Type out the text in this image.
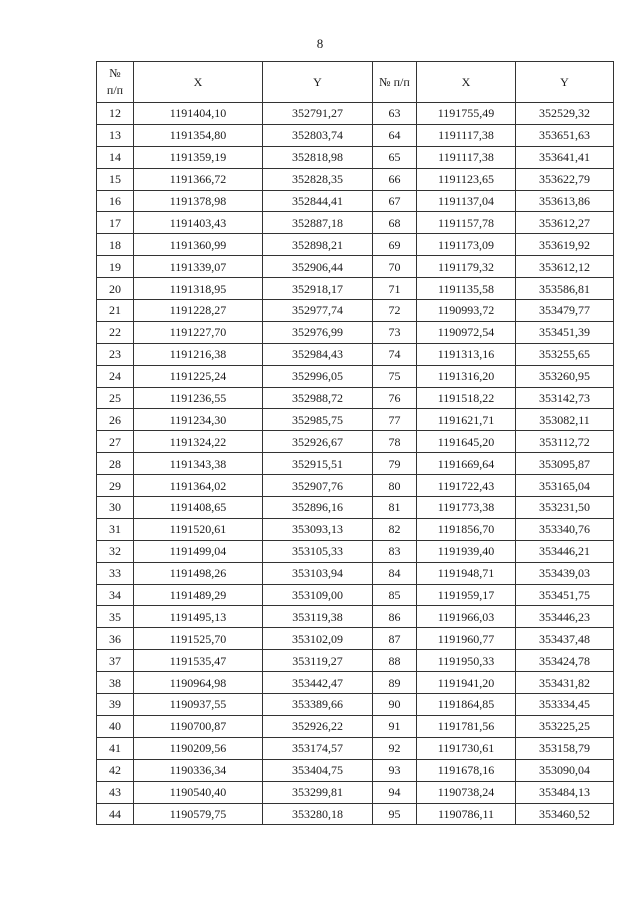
8
№
п/п	X	Y	№ п/п	X	Y
12	1191404,10	352791,27	63	1191755,49	352529,32
13	1191354,80	352803,74	64	1191117,38	353651,63
14	1191359,19	352818,98	65	1191117,38	353641,41
15	1191366,72	352828,35	66	1191123,65	353622,79
16	1191378,98	352844,41	67	1191137,04	353613,86
17	1191403,43	352887,18	68	1191157,78	353612,27
18	1191360,99	352898,21	69	1191173,09	353619,92
19	1191339,07	352906,44	70	1191179,32	353612,12
20	1191318,95	352918,17	71	1191135,58	353586,81
21	1191228,27	352977,74	72	1190993,72	353479,77
22	1191227,70	352976,99	73	1190972,54	353451,39
23	1191216,38	352984,43	74	1191313,16	353255,65
24	1191225,24	352996,05	75	1191316,20	353260,95
25	1191236,55	352988,72	76	1191518,22	353142,73
26	1191234,30	352985,75	77	1191621,71	353082,11
27	1191324,22	352926,67	78	1191645,20	353112,72
28	1191343,38	352915,51	79	1191669,64	353095,87
29	1191364,02	352907,76	80	1191722,43	353165,04
30	1191408,65	352896,16	81	1191773,38	353231,50
31	1191520,61	353093,13	82	1191856,70	353340,76
32	1191499,04	353105,33	83	1191939,40	353446,21
33	1191498,26	353103,94	84	1191948,71	353439,03
34	1191489,29	353109,00	85	1191959,17	353451,75
35	1191495,13	353119,38	86	1191966,03	353446,23
36	1191525,70	353102,09	87	1191960,77	353437,48
37	1191535,47	353119,27	88	1191950,33	353424,78
38	1190964,98	353442,47	89	1191941,20	353431,82
39	1190937,55	353389,66	90	1191864,85	353334,45
40	1190700,87	352926,22	91	1191781,56	353225,25
41	1190209,56	353174,57	92	1191730,61	353158,79
42	1190336,34	353404,75	93	1191678,16	353090,04
43	1190540,40	353299,81	94	1190738,24	353484,13
44	1190579,75	353280,18	95	1190786,11	353460,52
